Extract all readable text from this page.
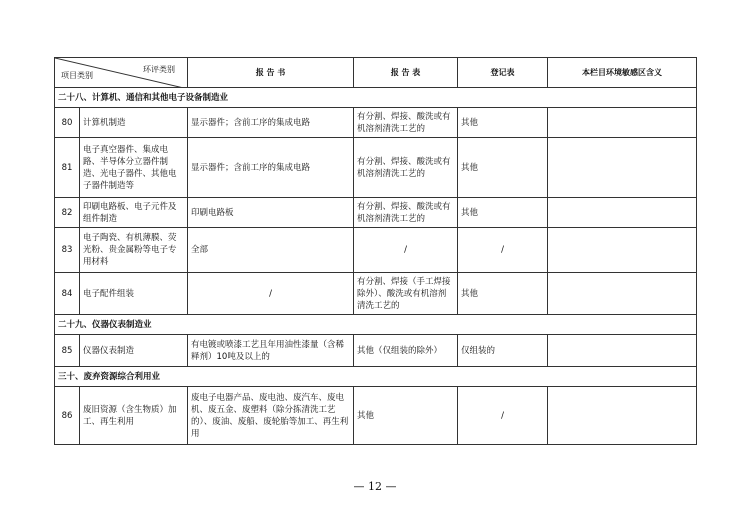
环评类别
项目类别		报 告 书	报 告 表	登记表	本栏目环境敏感区含义
二十八、计算机、通信和其他电子设备制造业					
80	计算机制造	显示器件；含前工序的集成电路	有分割、焊接、酸洗或有机溶剂清洗工艺的	其他	
81	电子真空器件、集成电路、半导体分立器件制造、光电子器件、其他电子器件制造等	显示器件；含前工序的集成电路	有分割、焊接、酸洗或有机溶剂清洗工艺的	其他	
82	印刷电路板、电子元件及组件制造	印刷电路板	有分割、焊接、酸洗或有机溶剂清洗工艺的	其他	
83	电子陶瓷、有机薄膜、荧光粉、贵金属粉等电子专用材料	全部	/	/	
84	电子配件组装	/	有分割、焊接（手工焊接除外）、酸洗或有机溶剂清洗工艺的	其他	
二十九、仪器仪表制造业					
85	仪器仪表制造	有电镀或喷漆工艺且年用油性漆量（含稀释剂）10吨及以上的	其他（仅组装的除外）	仅组装的	
三十、废弃资源综合利用业					
86	废旧资源（含生物质）加工、再生利用	废电子电器产品、废电池、废汽车、废电机、废五金、废塑料（除分拣清洗工艺的）、废油、废船、废轮胎等加工、再生利用	其他	/	
— 12 —
